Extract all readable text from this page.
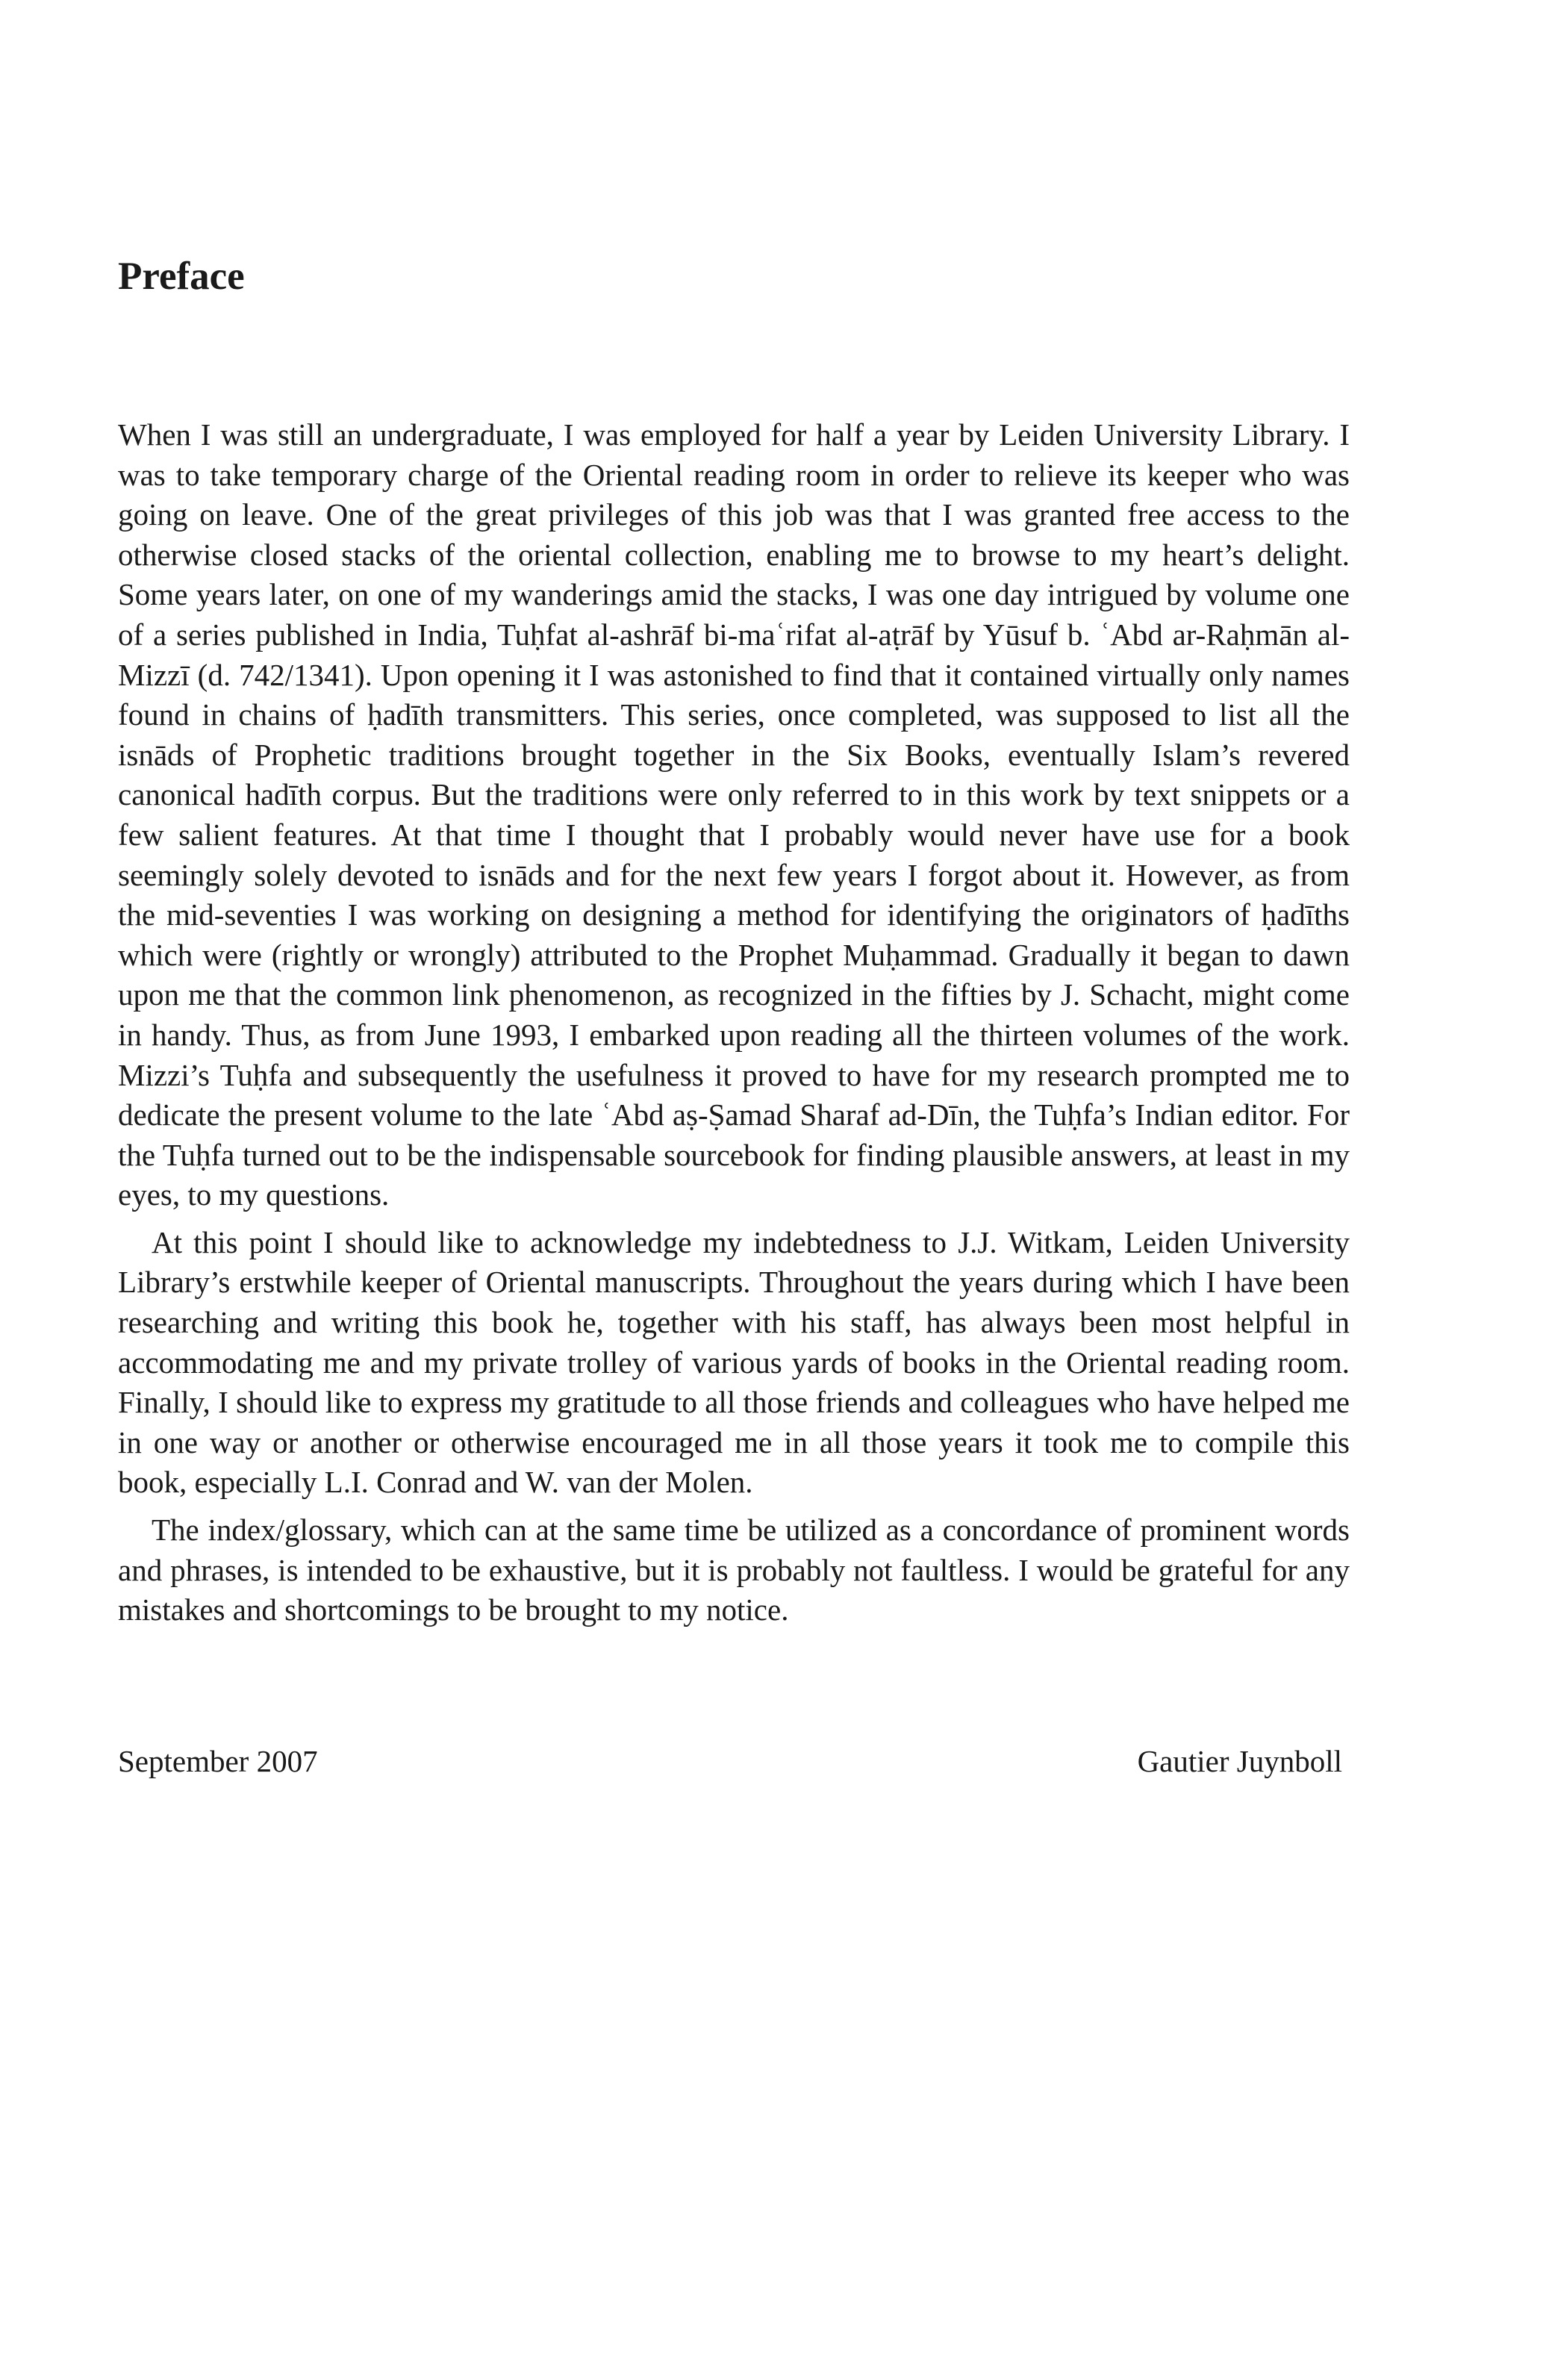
Preface

When I was still an undergraduate, I was employed for half a year by Leiden University Library. I was to take temporary charge of the Oriental reading room in order to relieve its keeper who was going on leave. One of the great privileges of this job was that I was granted free access to the otherwise closed stacks of the oriental collection, enabling me to browse to my heart’s delight. Some years later, on one of my wanderings amid the stacks, I was one day intrigued by volume one of a series published in India, Tuḥfat al-ashrāf bi-maʿrifat al-aṭrāf by Yūsuf b. ʿAbd ar-Raḥmān al-Mizzī (d. 742/1341). Upon opening it I was astonished to find that it contained virtually only names found in chains of ḥadīth transmitters. This series, once completed, was supposed to list all the isnāds of Prophetic traditions brought together in the Six Books, eventually Islam’s revered canonical hadīth corpus. But the traditions were only referred to in this work by text snippets or a few salient features. At that time I thought that I probably would never have use for a book seemingly solely devoted to isnāds and for the next few years I forgot about it. However, as from the mid-seventies I was working on designing a method for identifying the originators of ḥadīths which were (rightly or wrongly) attributed to the Prophet Muḥammad. Gradually it began to dawn upon me that the common link phenomenon, as recognized in the fifties by J. Schacht, might come in handy. Thus, as from June 1993, I embarked upon reading all the thirteen volumes of the work. Mizzi’s Tuḥfa and subsequently the usefulness it proved to have for my research prompted me to dedicate the present volume to the late ʿAbd aṣ-Ṣamad Sharaf ad-Dīn, the Tuḥfa’s Indian editor. For the Tuḥfa turned out to be the indispensable sourcebook for finding plausible answers, at least in my eyes, to my questions.

At this point I should like to acknowledge my indebtedness to J.J. Witkam, Leiden University Library’s erstwhile keeper of Oriental manuscripts. Throughout the years during which I have been researching and writing this book he, together with his staff, has always been most helpful in accommodating me and my private trolley of various yards of books in the Oriental reading room. Finally, I should like to express my gratitude to all those friends and colleagues who have helped me in one way or another or otherwise encouraged me in all those years it took me to compile this book, especially L.I. Conrad and W. van der Molen.

The index/glossary, which can at the same time be utilized as a concordance of prominent words and phrases, is intended to be exhaustive, but it is probably not faultless. I would be grateful for any mistakes and shortcomings to be brought to my notice.

September 2007	Gautier Juynboll
